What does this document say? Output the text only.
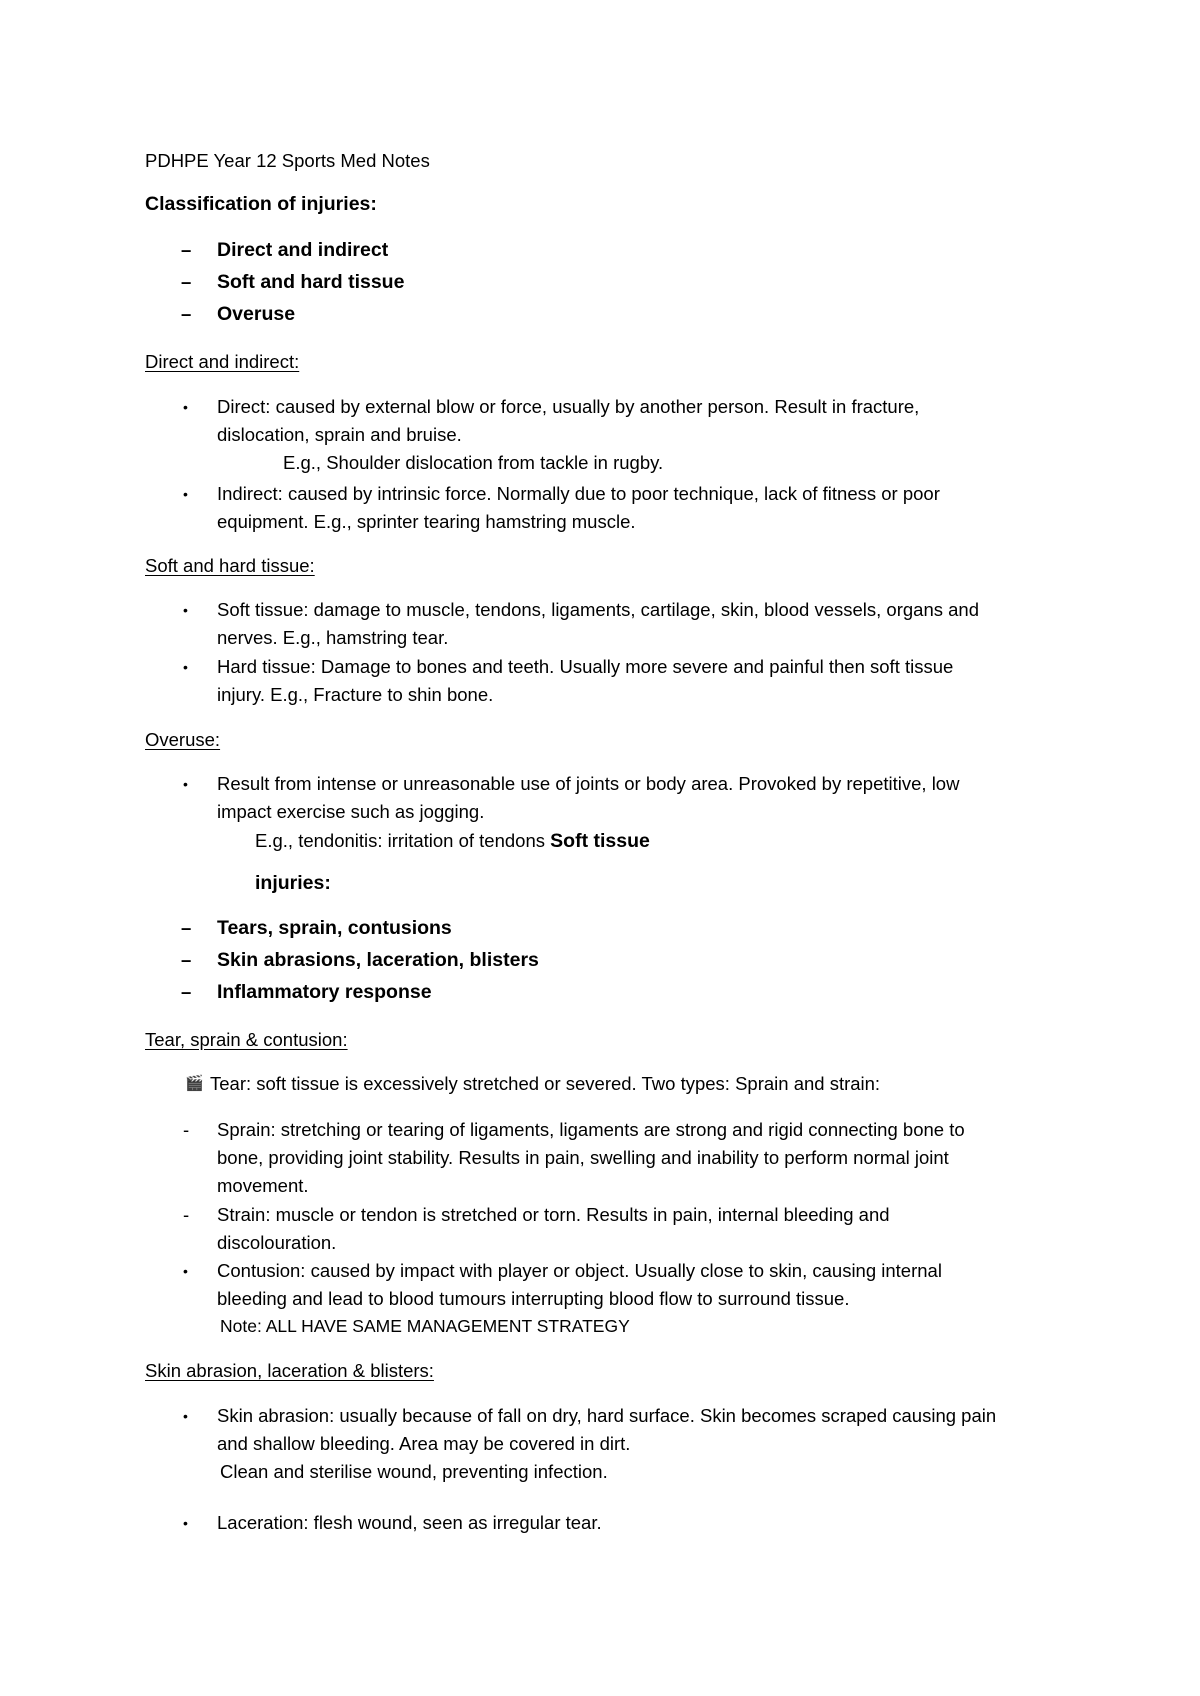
PDHPE Year 12 Sports Med Notes
Classification of injuries:
– Direct and indirect
– Soft and hard tissue
– Overuse
Direct and indirect:
• Direct: caused by external blow or force, usually by another person. Result in fracture,
dislocation, sprain and bruise.
E.g., Shoulder dislocation from tackle in rugby.
• Indirect: caused by intrinsic force. Normally due to poor technique, lack of fitness or poor
equipment. E.g., sprinter tearing hamstring muscle.
Soft and hard tissue:
• Soft tissue: damage to muscle, tendons, ligaments, cartilage, skin, blood vessels, organs and
nerves. E.g., hamstring tear.
• Hard tissue: Damage to bones and teeth. Usually more severe and painful then soft tissue
injury. E.g., Fracture to shin bone.
Overuse:
• Result from intense or unreasonable use of joints or body area. Provoked by repetitive, low
impact exercise such as jogging.
E.g., tendonitis: irritation of tendons Soft tissue
injuries:
– Tears, sprain, contusions
– Skin abrasions, laceration, blisters
– Inflammatory response
Tear, sprain & contusion:
🎬 Tear: soft tissue is excessively stretched or severed. Two types: Sprain and strain:
- Sprain: stretching or tearing of ligaments, ligaments are strong and rigid connecting bone to
bone, providing joint stability. Results in pain, swelling and inability to perform normal joint
movement.
- Strain: muscle or tendon is stretched or torn. Results in pain, internal bleeding and
discolouration.
• Contusion: caused by impact with player or object. Usually close to skin, causing internal
bleeding and lead to blood tumours interrupting blood flow to surround tissue.
Note: ALL HAVE SAME MANAGEMENT STRATEGY
Skin abrasion, laceration & blisters:
• Skin abrasion: usually because of fall on dry, hard surface. Skin becomes scraped causing pain
and shallow bleeding. Area may be covered in dirt.
Clean and sterilise wound, preventing infection.
• Laceration: flesh wound, seen as irregular tear.
